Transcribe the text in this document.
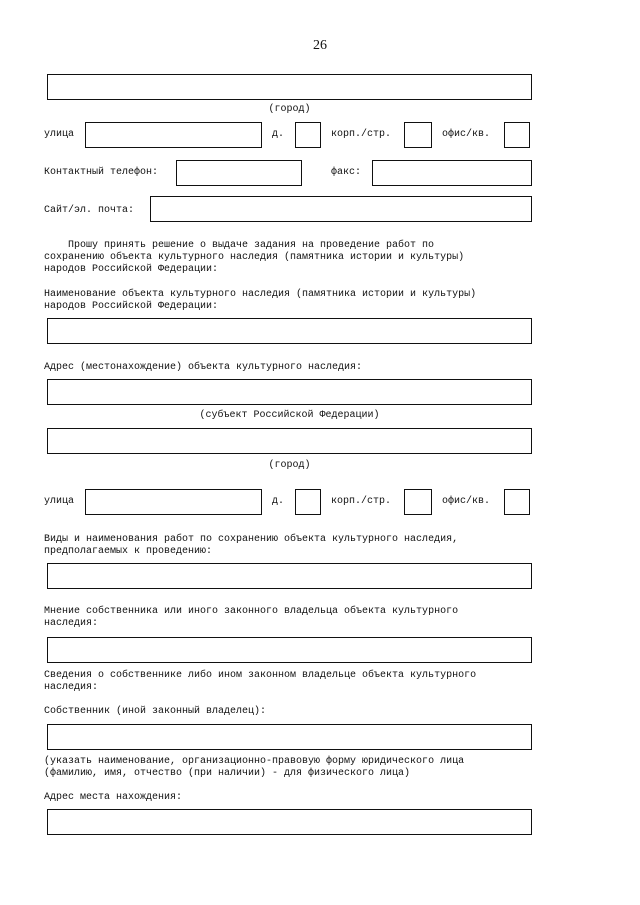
26
(город)
улица	д.	корп./стр.	офис/кв.
Контактный телефон:	факс:
Сайт/эл. почта:
Прошу принять решение о выдаче задания на проведение работ по
сохранению объекта культурного наследия (памятника истории и культуры)
народов Российской Федерации:
Наименование объекта культурного наследия (памятника истории и культуры)
народов Российской Федерации:
Адрес (местонахождение) объекта культурного наследия:
(субъект Российской Федерации)
(город)
улица	д.	корп./стр.	офис/кв.
Виды и наименования работ по сохранению объекта культурного наследия,
предполагаемых к проведению:
Мнение собственника или иного законного владельца объекта культурного
наследия:
Сведения о собственнике либо ином законном владельце объекта культурного
наследия:
Собственник (иной законный владелец):
(указать наименование, организационно-правовую форму юридического лица
(фамилию, имя, отчество (при наличии) - для физического лица)
Адрес места нахождения:
